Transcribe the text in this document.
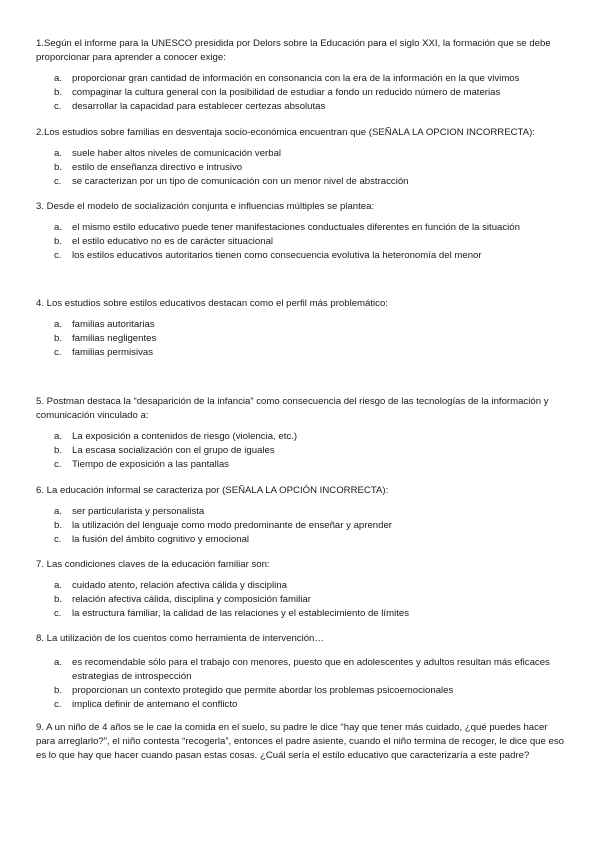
1.Según el informe para la UNESCO presidida por Delors sobre la Educación para el siglo XXI, la formación que se debe proporcionar para aprender a conocer exige:

a. proporcionar gran cantidad de información en consonancia con la era de la información en la que vivimos
b. compaginar la cultura general con la posibilidad de estudiar a fondo un reducido número de materias
c. desarrollar la capacidad para establecer certezas absolutas

2.Los estudios sobre familias en desventaja socio-económica encuentran que (SEÑALA LA OPCION INCORRECTA):

a. suele haber altos niveles de comunicación verbal
b. estilo de enseñanza directivo e intrusivo
c. se caracterizan por un tipo de comunicación con un menor nivel de abstracción

3. Desde el modelo de socialización conjunta e influencias múltiples se plantea:

a. el mismo estilo educativo puede tener manifestaciones conductuales diferentes en función de la situación
b. el estilo educativo no es de carácter situacional
c. los estilos educativos autoritarios tienen como consecuencia evolutiva la heteronomía del menor

4. Los estudios sobre estilos educativos destacan como el perfil más problemático:

a. familias autoritarias
b. familias negligentes
c. familias permisivas

5. Postman destaca la “desaparición de la infancia” como consecuencia del riesgo de las tecnologías de la información y comunicación vinculado a:

a. La exposición a contenidos de riesgo (violencia, etc.)
b. La escasa socialización con el grupo de iguales
c. Tiempo de exposición a las pantallas

6. La educación informal se caracteriza por (SEÑALA LA OPCIÓN INCORRECTA):

a. ser particularista y personalista
b. la utilización del lenguaje como modo predominante de enseñar y aprender
c. la fusión del ámbito cognitivo y emocional

7. Las condiciones claves de la educación familiar son:

a. cuidado atento, relación afectiva cálida y disciplina
b. relación afectiva cálida, disciplina y composición familiar
c. la estructura familiar, la calidad de las relaciones y el establecimiento de límites

8. La utilización de los cuentos como herramienta de intervención…

a. es recomendable sólo para el trabajo con menores, puesto que en adolescentes y adultos resultan más eficaces estrategias de introspección
b. proporcionan un contexto protegido que permite abordar los problemas psicoemocionales
c. implica definir de antemano el conflicto

9. A un niño de 4 años se le cae la comida en el suelo, su padre le dice “hay que tener más cuidado, ¿qué puedes hacer para arreglarlo?”, el niño contesta “recogerla”, entonces el padre asiente, cuando el niño termina de recoger, le dice que eso es lo que hay que hacer cuando pasan estas cosas. ¿Cuál sería el estilo educativo que caracterizaría a este padre?
